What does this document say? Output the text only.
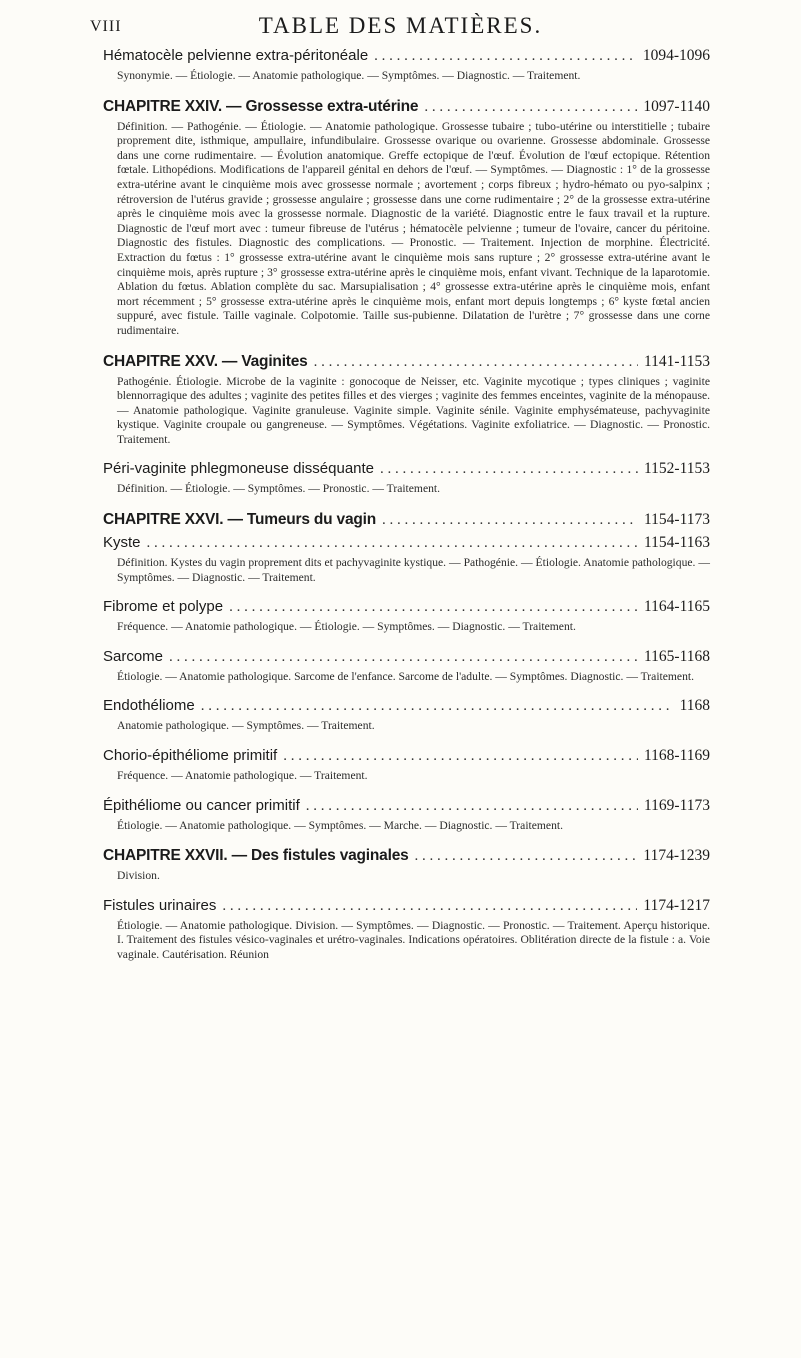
VIII	TABLE DES MATIÈRES.
Hématocèle pelvienne extra-péritonéale . . .	1094-1096
Synonymie. — Étiologie. — Anatomie pathologique. — Symptômes. — Diagnostic. — Traitement.
CHAPITRE XXIV. — Grossesse extra-utérine . . .	1097-1140
Définition. — Pathogénie. — Étiologie. — Anatomie pathologique. Grossesse tubaire ; tubo-utérine ou interstitielle ; tubaire proprement dite, isthmique, ampullaire, infundibulaire. Grossesse ovarique ou ovarienne. Grossesse abdominale. Grossesse dans une corne rudimentaire. — Évolution anatomique. Greffe ectopique de l'œuf. Évolution de l'œuf ectopique. Rétention fœtale. Lithopédions. Modifications de l'appareil génital en dehors de l'œuf. — Symptômes. — Diagnostic : 1° de la grossesse extra-utérine avant le cinquième mois avec grossesse normale ; avortement ; corps fibreux ; hydro-hémato ou pyo-salpinx ; rétroversion de l'utérus gravide ; grossesse angulaire ; grossesse dans une corne rudimentaire ; 2° de la grossesse extra-utérine après le cinquième mois avec la grossesse normale. Diagnostic de la variété. Diagnostic entre le faux travail et la rupture. Diagnostic de l'œuf mort avec : tumeur fibreuse de l'utérus ; hématocèle pelvienne ; tumeur de l'ovaire, cancer du péritoine. Diagnostic des fistules. Diagnostic des complications. — Pronostic. — Traitement. Injection de morphine. Électricité. Extraction du fœtus : 1° grossesse extra-utérine avant le cinquième mois sans rupture ; 2° grossesse extra-utérine avant le cinquième mois, après rupture ; 3° grossesse extra-utérine après le cinquième mois, enfant vivant. Technique de la laparotomie. Ablation du fœtus. Ablation complète du sac. Marsupialisation ; 4° grossesse extra-utérine après le cinquième mois, enfant mort récemment ; 5° grossesse extra-utérine après le cinquième mois, enfant mort depuis longtemps ; 6° kyste fœtal ancien suppuré, avec fistule. Taille vaginale. Colpotomie. Taille sus-pubienne. Dilatation de l'urètre ; 7° grossesse dans une corne rudimentaire.
CHAPITRE XXV. — Vaginites . . .	1141-1153
Pathogénie. Étiologie. Microbe de la vaginite : gonocoque de Neisser, etc. Vaginite mycotique ; types cliniques ; vaginite blennorragique des adultes ; vaginite des petites filles et des vierges ; vaginite des femmes enceintes, vaginite de la ménopause. — Anatomie pathologique. Vaginite granuleuse. Vaginite simple. Vaginite sénile. Vaginite emphysémateuse, pachyvaginite kystique. Vaginite croupale ou gangreneuse. — Symptômes. Végétations. Vaginite exfoliatrice. — Diagnostic. — Pronostic. Traitement.
Péri-vaginite phlegmoneuse disséquante . . .	1152-1153
Définition. — Étiologie. — Symptômes. — Pronostic. — Traitement.
CHAPITRE XXVI. — Tumeurs du vagin . . .	1154-1173
Kyste . . .	1154-1163
Définition. Kystes du vagin proprement dits et pachyvaginite kystique. — Pathogénie. — Étiologie. Anatomie pathologique. — Symptômes. — Diagnostic. — Traitement.
Fibrome et polype . . .	1164-1165
Fréquence. — Anatomie pathologique. — Étiologie. — Symptômes. — Diagnostic. — Traitement.
Sarcome . . .	1165-1168
Étiologie. — Anatomie pathologique. Sarcome de l'enfance. Sarcome de l'adulte. — Symptômes. Diagnostic. — Traitement.
Endothéliome . . .	1168
Anatomie pathologique. — Symptômes. — Traitement.
Chorio-épithéliome primitif . . .	1168-1169
Fréquence. — Anatomie pathologique. — Traitement.
Épithéliome ou cancer primitif . . .	1169-1173
Étiologie. — Anatomie pathologique. — Symptômes. — Marche. — Diagnostic. — Traitement.
CHAPITRE XXVII. — Des fistules vaginales . . .	1174-1239
Division.
Fistules urinaires . . .	1174-1217
Étiologie. — Anatomie pathologique. Division. — Symptômes. — Diagnostic. — Pronostic. — Traitement. Aperçu historique. I. Traitement des fistules vésico-vaginales et urétro-vaginales. Indications opératoires. Oblitération directe de la fistule : a. Voie vaginale. Cautérisation. Réunion
